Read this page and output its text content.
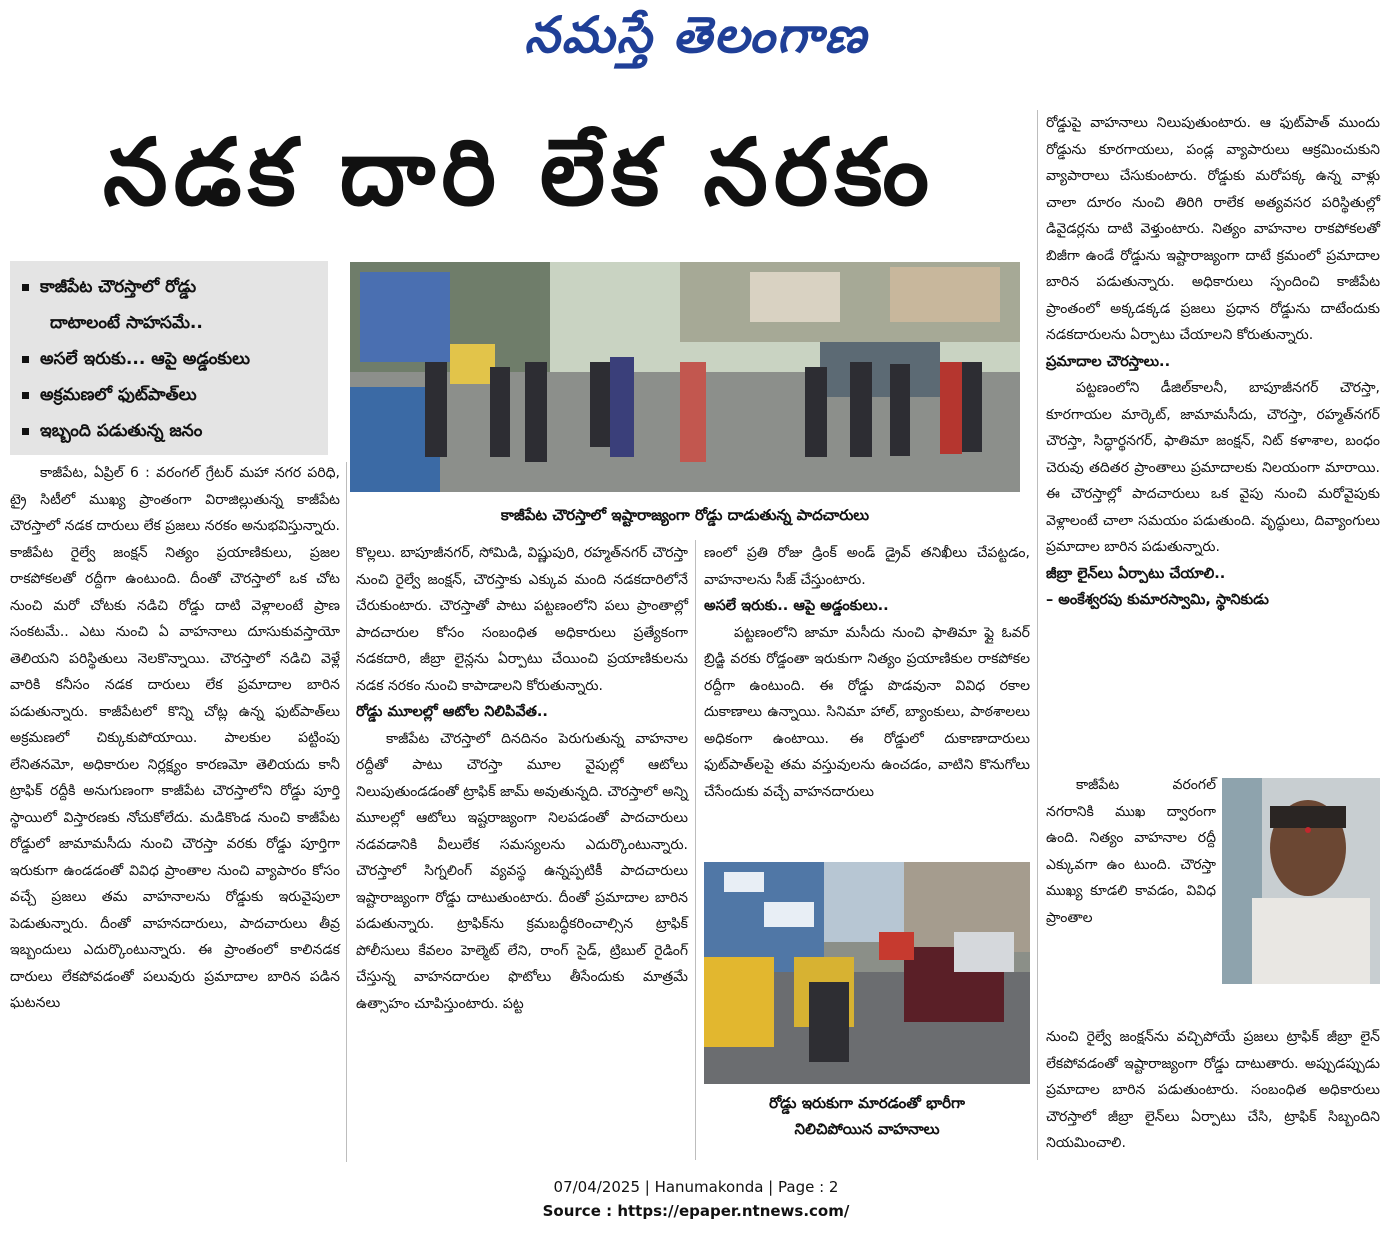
నమస్తే తెలంగాణ
నడక దారి లేక నరకం
కాజీపేట చౌరస్తాలో రోడ్డు
దాటాలంటే సాహసమే..
అసలే ఇరుకు... ఆపై అడ్డంకులు
అక్రమణలో ఫుట్‌పాత్‌లు
ఇబ్బంది పడుతున్న జనం
కాజీపేట చౌరస్తాలో ఇష్టారాజ్యంగా రోడ్డు దాడుతున్న పాదచారులు

కాజీపేట, ఏప్రిల్ 6 : వరంగల్ గ్రేటర్ మహా నగర పరిధి, ట్రై సిటీలో ముఖ్య ప్రాంతంగా విరాజిల్లుతున్న కాజీపేట చౌరస్తాలో నడక దారులు లేక ప్రజలు నరకం అనుభవిస్తున్నారు. కాజీపేట రైల్వే జంక్షన్ నిత్యం ప్రయాణికులు, ప్రజల రాకపోకలతో రద్దీగా ఉంటుంది. దీంతో చౌరస్తాలో ఒక చోట నుంచి మరో చోటకు నడిచి రోడ్డు దాటి వెళ్లాలంటే ప్రాణ సంకటమే.. ఎటు నుంచి ఏ వాహనాలు దూసుకువస్తాయో తెలియని పరిస్థితులు నెలకొన్నాయి. చౌరస్తాలో నడిచి వెళ్లే వారికి కనీసం నడక దారులు లేక ప్రమాదాల బారిన పడుతున్నారు. కాజీపేటలో కొన్ని చోట్ల ఉన్న ఫుట్‌పాత్‌లు అక్రమణలో చిక్కుకుపోయాయి. పాలకుల పట్టింపు లేనితనమో, అధికారుల నిర్లక్ష్యం కారణమో తెలియదు కానీ ట్రాఫిక్ రద్దీకి అనుగుణంగా కాజీపేట చౌరస్తాలోని రోడ్డు పూర్తి స్థాయిలో విస్తారణకు నోచుకోలేదు. మడికొండ నుంచి కాజీపేట రోడ్డులో జామామసీదు నుంచి చౌరస్తా వరకు రోడ్డు పూర్తిగా ఇరుకుగా ఉండడంతో వివిధ ప్రాంతాల నుంచి వ్యాపారం కోసం వచ్చే ప్రజలు తమ వాహనాలను రోడ్డుకు ఇరువైపులా పెడుతున్నారు. దీంతో వాహనదారులు, పాదచారులు తీవ్ర ఇబ్బందులు ఎదుర్కొంటున్నారు. ఈ ప్రాంతంలో కాలినడక దారులు లేకపోవడంతో పలువురు ప్రమాదాల బారిన పడిన ఘటనలు

కొల్లలు. బాపూజీనగర్, సోమిడి, విష్ణుపురి, రహ్మత్‌నగర్ చౌరస్తా నుంచి రైల్వే జంక్షన్, చౌరస్తాకు ఎక్కువ మంది నడకదారిలోనే చేరుకుంటారు. చౌరస్తాతో పాటు పట్టణంలోని పలు ప్రాంతాల్లో పాదచారుల కోసం సంబంధిత అధికారులు ప్రత్యేకంగా నడకదారి, జీబ్రా లైన్లను ఏర్పాటు చేయించి ప్రయాణికులను నడక నరకం నుంచి కాపాడాలని కోరుతున్నారు.

రోడ్డు మూలల్లో ఆటోల నిలిపివేత..

కాజీపేట చౌరస్తాలో దినదినం పెరుగుతున్న వాహనాల రద్దీతో పాటు చౌరస్తా మూల వైపుల్లో ఆటోలు నిలుపుతుండడంతో ట్రాఫిక్ జామ్ అవుతున్నది. చౌరస్తాలో అన్ని మూలల్లో ఆటోలు ఇష్టరాజ్యంగా నిలపడంతో పాదచారులు నడవడానికి వీలులేక సమస్యలను ఎదుర్కొంటున్నారు. చౌరస్తాలో సిగ్నలింగ్ వ్యవస్థ ఉన్నప్పటికీ పాదచారులు ఇష్టారాజ్యంగా రోడ్డు దాటుతుంటారు. దీంతో ప్రమాదాల బారిన పడుతున్నారు. ట్రాఫిక్‌ను క్రమబద్ధీకరించాల్సిన ట్రాఫిక్ పోలీసులు కేవలం హెల్మెట్ లేని, రాంగ్ సైడ్, ట్రిబుల్ రైడింగ్ చేస్తున్న వాహనదారుల ఫొటోలు తీసేందుకు మాత్రమే ఉత్సాహం చూపిస్తుంటారు. పట్ట

ణంలో ప్రతి రోజు డ్రింక్ అండ్ డ్రైవ్ తనిఖీలు చేపట్టడం, వాహనాలను సీజ్ చేస్తుంటారు.

అసలే ఇరుకు.. ఆపై అడ్డంకులు..

పట్టణంలోని జామా మసీదు నుంచి ఫాతిమా ఫ్లై ఓవర్ బ్రిడ్జి వరకు రోడ్డంతా ఇరుకుగా నిత్యం ప్రయాణికుల రాకపోకల రద్దీగా ఉంటుంది. ఈ రోడ్డు పొడవునా వివిధ రకాల దుకాణాలు ఉన్నాయి. సినిమా హాల్, బ్యాంకులు, పాఠశాలలు అధికంగా ఉంటాయి. ఈ రోడ్డులో దుకాణాదారులు ఫుట్‌పాత్‌లపై తమ వస్తువులను ఉంచడం, వాటిని కొనుగోలు చేసేందుకు వచ్చే వాహనదారులు

రోడ్డు ఇరుకుగా మారడంతో భారీగా
నిలిచిపోయిన వాహనాలు

రోడ్డుపై వాహనాలు నిలుపుతుంటారు. ఆ ఫుట్‌పాత్ ముందు రోడ్డును కూరగాయలు, పండ్ల వ్యాపారులు ఆక్రమించుకుని వ్యాపారాలు చేసుకుంటారు. రోడ్డుకు మరోపక్క ఉన్న వాళ్లు చాలా దూరం నుంచి తిరిగి రాలేక అత్యవసర పరిస్థితుల్లో డివైడర్లను దాటి వెళ్తుంటారు. నిత్యం వాహనాల రాకపోకలతో బిజీగా ఉండే రోడ్డును ఇష్టారాజ్యంగా దాటే క్రమంలో ప్రమాదాల బారిన పడుతున్నారు. అధికారులు స్పందించి కాజీపేట ప్రాంతంలో అక్కడక్కడ ప్రజలు ప్రధాన రోడ్డును దాటేందుకు నడకదారులను ఏర్పాటు చేయాలని కోరుతున్నారు.

ప్రమాదాల చౌరస్తాలు..

పట్టణంలోని డీజిల్‌కాలనీ, బాపూజీనగర్ చౌరస్తా, కూరగాయల మార్కెట్, జామామసీదు, చౌరస్తా, రహ్మత్‌నగర్ చౌరస్తా, సిద్ధార్థనగర్, ఫాతిమా జంక్షన్, నిట్ కళాశాల, బంధం చెరువు తదితర ప్రాంతాలు ప్రమాదాలకు నిలయంగా మారాయి. ఈ చౌరస్తాల్లో పాదచారులు ఒక వైపు నుంచి మరోవైపుకు వెళ్లాలంటే చాలా సమయం పడుతుంది. వృద్ధులు, దివ్యాంగులు ప్రమాదాల బారిన పడుతున్నారు.

జీబ్రా లైన్‌లు ఏర్పాటు చేయాలి..

– అంకేశ్వరపు కుమారస్వామి, స్థానికుడు

కాజీపేట వరంగల్ నగరానికి ముఖ ద్వారంగా ఉంది. నిత్యం వాహనాల రద్దీ ఎక్కువగా ఉం టుంది. చౌరస్తా ముఖ్య కూడలి కావడం, వివిధ ప్రాంతాల

నుంచి రైల్వే జంక్షన్‌ను వచ్చిపోయే ప్రజలు ట్రాఫిక్ జీబ్రా లైన్ లేకపోవడంతో ఇష్టారాజ్యంగా రోడ్డు దాటుతారు. అప్పుడప్పుడు ప్రమాదాల బారిన పడుతుంటారు. సంబంధిత అధికారులు చౌరస్తాలో జీబ్రా లైన్‌లు ఏర్పాటు చేసి, ట్రాఫిక్ సిబ్బందిని నియమించాలి.

07/04/2025 | Hanumakonda | Page : 2
Source : https://epaper.ntnews.com/
